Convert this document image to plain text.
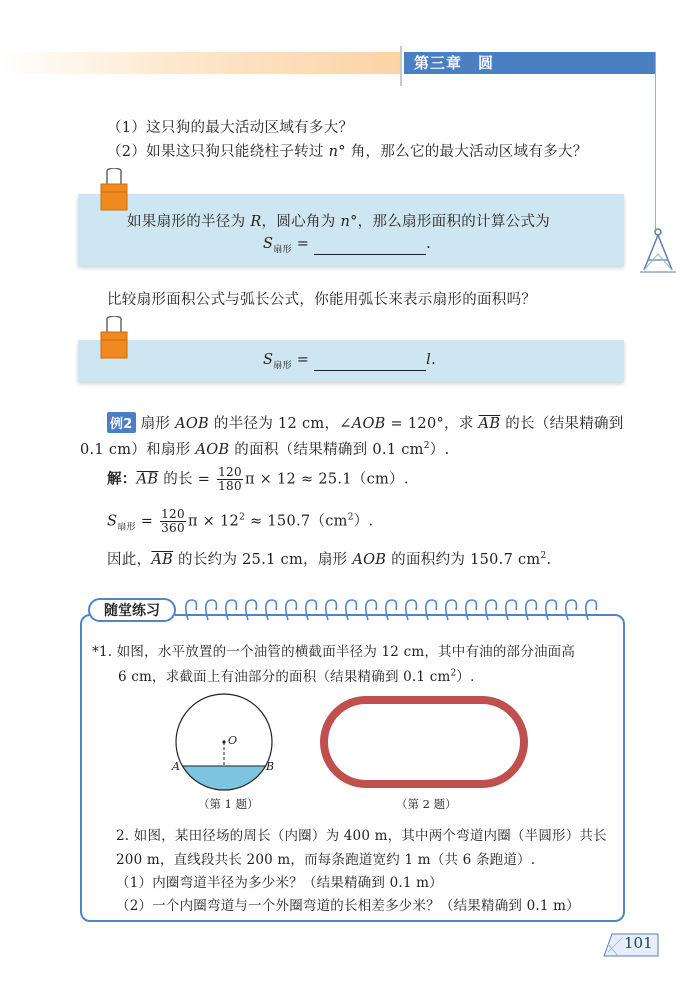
第三章　圆
（1）这只狗的最大活动区域有多大？
（2）如果这只狗只能绕柱子转过 n° 角，那么它的最大活动区域有多大？
如果扇形的半径为 R，圆心角为 n°，那么扇形面积的计算公式为
$S_{扇形}$ =	.
比较扇形面积公式与弧长公式，你能用弧长来表示扇形的面积吗？
$S_{扇形}$ =	l.
例2 扇形 AOB 的半径为 12 cm，∠AOB = 120°，求 $\overline{AB}$ 的长（结果精确到
0.1 cm）和扇形 AOB 的面积（结果精确到 0.1 $cm^2$）.
解：$\overline{AB}$ 的长 = $\frac{120}{180}$ π × 12 ≈ 25.1（cm）.
$S_{扇形} = \frac{120}{360}$ $\pi \times 12^2 \approx 150.7(cm^2)$.
因此，$\overline{AB}$ 的长约为 25.1 cm，扇形 AOB 的面积约为 150.7 $cm^2$.
随堂练习
*1. 如图，水平放置的一个油管的横截面半径为 12 cm，其中有油的部分油面高
6 cm，求截面上有油部分的面积（结果精确到 0.1 $cm^2$）.
O
A	B
（第 1 题）	（第 2 题）
2. 如图，某田径场的周长（内圈）为 400 m，其中两个弯道内圈（半圆形）共长
200 m，直线段共长 200 m，而每条跑道宽约 1 m（共 6 条跑道）.
（1）内圈弯道半径为多少米？（结果精确到 0.1 m）
（2）一个内圈弯道与一个外圈弯道的长相差多少米？（结果精确到 0.1 m）
101
